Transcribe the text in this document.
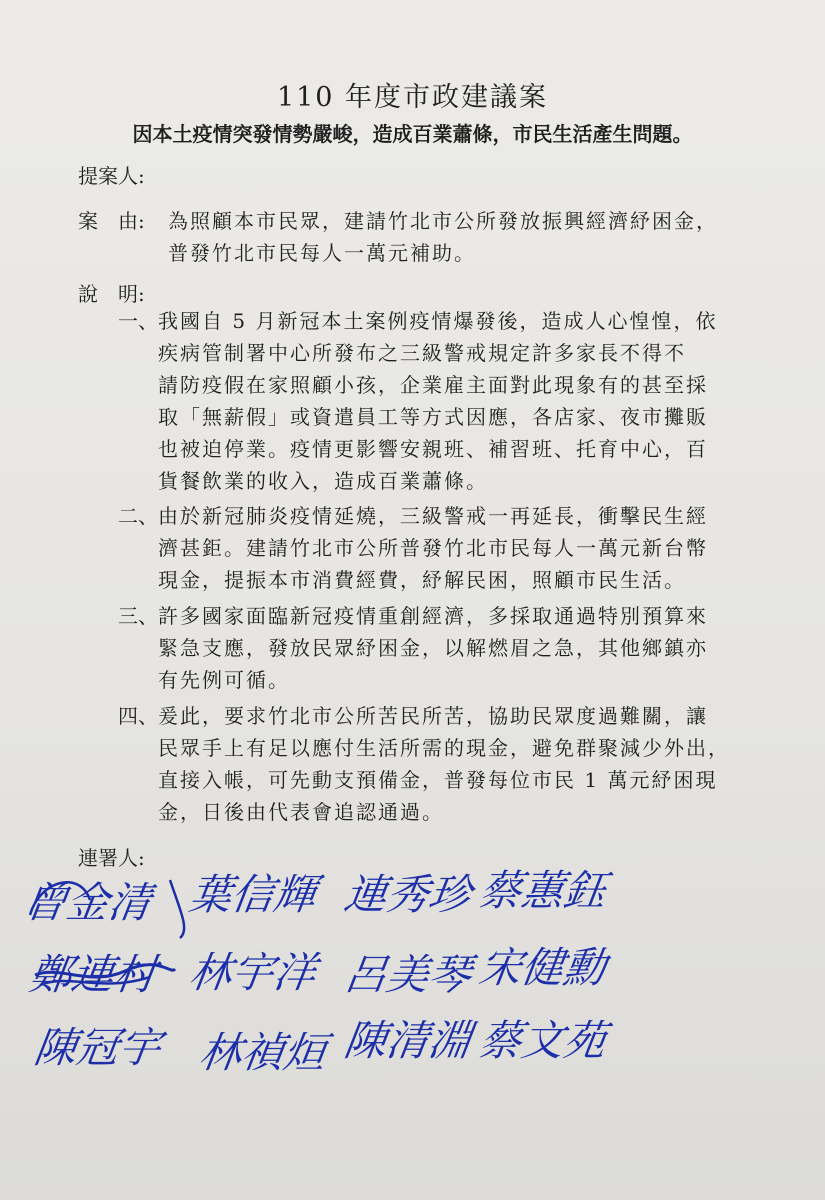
110 年度市政建議案
因本土疫情突發情勢嚴峻，造成百業蕭條，市民生活產生問題。
提案人:
案　由: 為照顧本市民眾，建請竹北市公所發放振興經濟紓困金，
普發竹北市民每人一萬元補助。
說　明:
一、 我國自 5 月新冠本土案例疫情爆發後，造成人心惶惶，依
疾病管制署中心所發布之三級警戒規定許多家長不得不
請防疫假在家照顧小孩，企業雇主面對此現象有的甚至採
取「無薪假」或資遣員工等方式因應，各店家、夜市攤販
也被迫停業。疫情更影響安親班、補習班、托育中心，百
貨餐飲業的收入，造成百業蕭條。
二、 由於新冠肺炎疫情延燒，三級警戒一再延長，衝擊民生經
濟甚鉅。建請竹北市公所普發竹北市民每人一萬元新台幣
現金，提振本市消費經費，紓解民困，照顧市民生活。
三、 許多國家面臨新冠疫情重創經濟，多採取通過特別預算來
緊急支應，發放民眾紓困金，以解燃眉之急，其他鄉鎮亦
有先例可循。
四、 爰此，要求竹北市公所苦民所苦，協助民眾度過難關，讓
民眾手上有足以應付生活所需的現金，避免群聚減少外出，
直接入帳，可先動支預備金，普發每位市民 1 萬元紓困現
金，日後由代表會追認通過。
連署人:
曾金清 葉信輝 連秀珍 蔡蕙鈺
鄭連村 林宇洋 呂美琴 宋健勳
陳冠宇 林禎烜 陳清淵 蔡文苑
